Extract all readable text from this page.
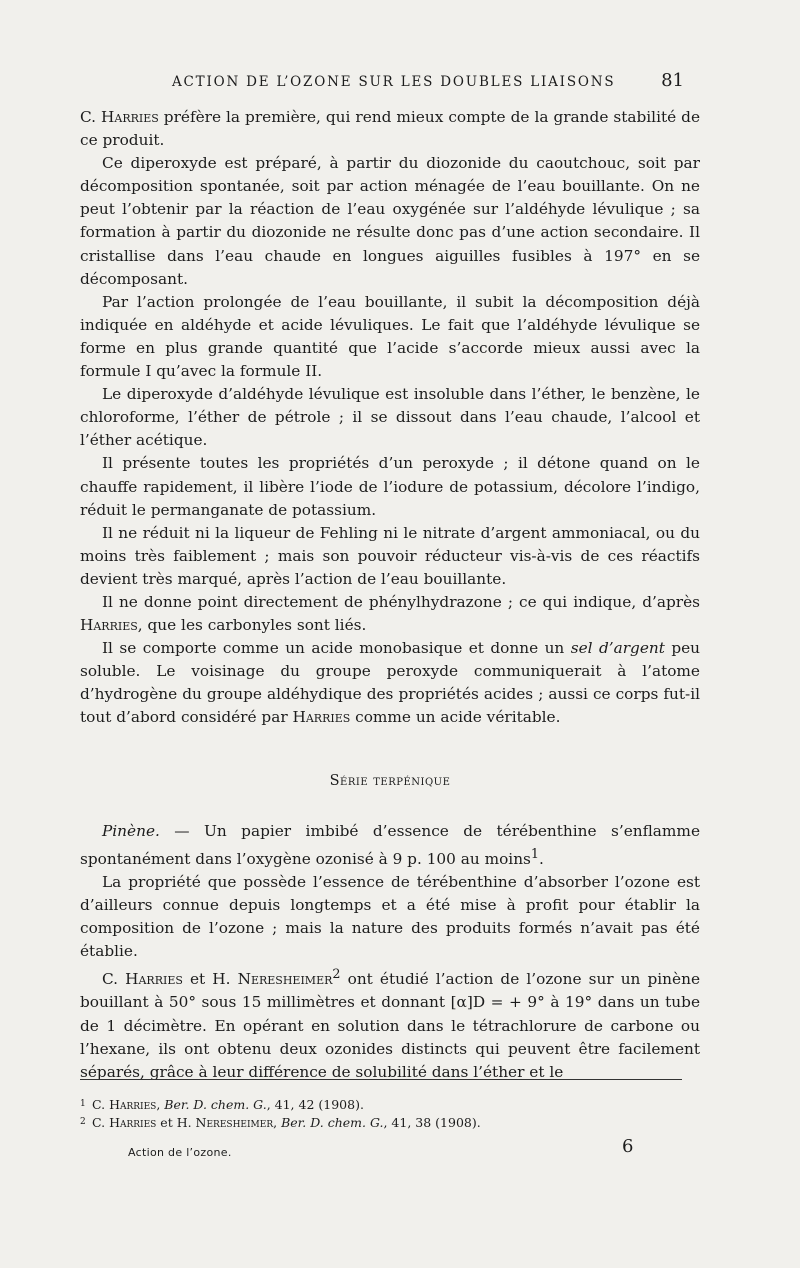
ACTION DE L’OZONE SUR LES DOUBLES LIAISONS	81

C. Harries préfère la première, qui rend mieux compte de la grande stabilité de ce produit.

Ce diperoxyde est préparé, à partir du diozonide du caoutchouc, soit par décomposition spontanée, soit par action ménagée de l’eau bouillante. On ne peut l’obtenir par la réaction de l’eau oxygénée sur l’aldéhyde lévulique ; sa formation à partir du diozonide ne résulte donc pas d’une action secondaire. Il cristallise dans l’eau chaude en longues aiguilles fusibles à 197° en se décomposant.

Par l’action prolongée de l’eau bouillante, il subit la décomposition déjà indiquée en aldéhyde et acide lévuliques. Le fait que l’aldéhyde lévulique se forme en plus grande quantité que l’acide s’accorde mieux aussi avec la formule I qu’avec la formule II.

Le diperoxyde d’aldéhyde lévulique est insoluble dans l’éther, le benzène, le chloroforme, l’éther de pétrole ; il se dissout dans l’eau chaude, l’alcool et l’éther acétique.

Il présente toutes les propriétés d’un peroxyde ; il détone quand on le chauffe rapidement, il libère l’iode de l’iodure de potassium, décolore l’indigo, réduit le permanganate de potassium.

Il ne réduit ni la liqueur de Fehling ni le nitrate d’argent ammoniacal, ou du moins très faiblement ; mais son pouvoir réducteur vis-à-vis de ces réactifs devient très marqué, après l’action de l’eau bouillante.

Il ne donne point directement de phénylhydrazone ; ce qui indique, d’après Harries, que les carbonyles sont liés.

Il se comporte comme un acide monobasique et donne un sel d’argent peu soluble. Le voisinage du groupe peroxyde communiquerait à l’atome d’hydrogène du groupe aldéhydique des propriétés acides ; aussi ce corps fut-il tout d’abord considéré par Harries comme un acide véritable.

Série terpénique

Pinène. — Un papier imbibé d’essence de térébenthine s’enflamme spontanément dans l’oxygène ozonisé à 9 p. 100 au moins$^1$.

La propriété que possède l’essence de térébenthine d’absorber l’ozone est d’ailleurs connue depuis longtemps et a été mise à profit pour établir la composition de l’ozone ; mais la nature des produits formés n’avait pas été établie.

C. Harries et H. Neresheimer$^2$ ont étudié l’action de l’ozone sur un pinène bouillant à 50° sous 15 millimètres et donnant [α]D = + 9° à 19° dans un tube de 1 décimètre. En opérant en solution dans le tétrachlorure de carbone ou l’hexane, ils ont obtenu deux ozonides distincts qui peuvent être facilement séparés, grâce à leur différence de solubilité dans l’éther et le

1 C. Harries, Ber. D. chem. G., 41, 42 (1908).
2 C. Harries et H. Neresheimer, Ber. D. chem. G., 41, 38 (1908).
Action de l’ozone.	6
